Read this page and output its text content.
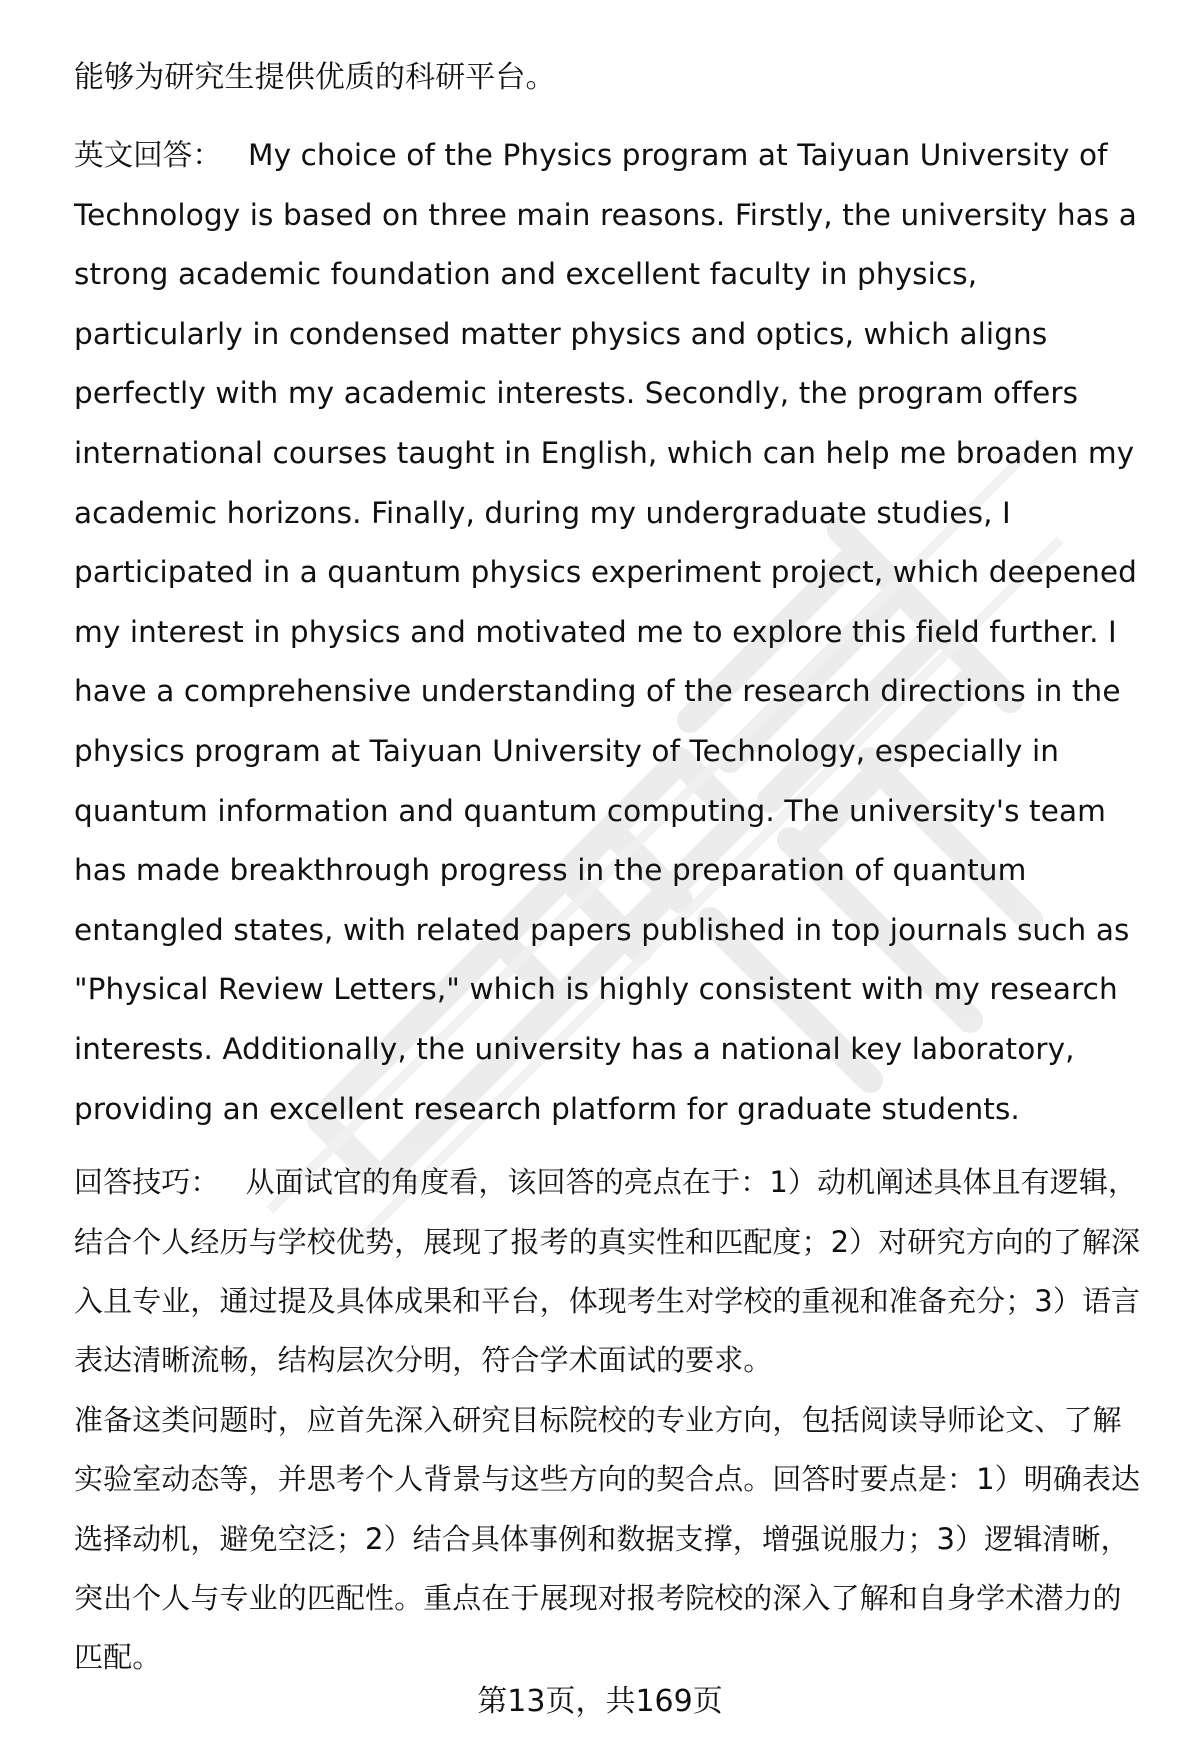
能够为研究生提供优质的科研平台。

英文回答： My choice of the Physics program at Taiyuan University of Technology is based on three main reasons. Firstly, the university has a strong academic foundation and excellent faculty in physics, particularly in condensed matter physics and optics, which aligns perfectly with my academic interests. Secondly, the program offers international courses taught in English, which can help me broaden my academic horizons. Finally, during my undergraduate studies, I participated in a quantum physics experiment project, which deepened my interest in physics and motivated me to explore this field further. I have a comprehensive understanding of the research directions in the physics program at Taiyuan University of Technology, especially in quantum information and quantum computing. The university's team has made breakthrough progress in the preparation of quantum entangled states, with related papers published in top journals such as "Physical Review Letters," which is highly consistent with my research interests. Additionally, the university has a national key laboratory, providing an excellent research platform for graduate students.

回答技巧： 从面试官的角度看，该回答的亮点在于：1）动机阐述具体且有逻辑，结合个人经历与学校优势，展现了报考的真实性和匹配度；2）对研究方向的了解深入且专业，通过提及具体成果和平台，体现考生对学校的重视和准备充分；3）语言表达清晰流畅，结构层次分明，符合学术面试的要求。

准备这类问题时，应首先深入研究目标院校的专业方向，包括阅读导师论文、了解实验室动态等，并思考个人背景与这些方向的契合点。回答时要点是：1）明确表达选择动机，避免空泛；2）结合具体事例和数据支撑，增强说服力；3）逻辑清晰，突出个人与专业的匹配性。重点在于展现对报考院校的深入了解和自身学术潜力的匹配。

第13页，共169页
